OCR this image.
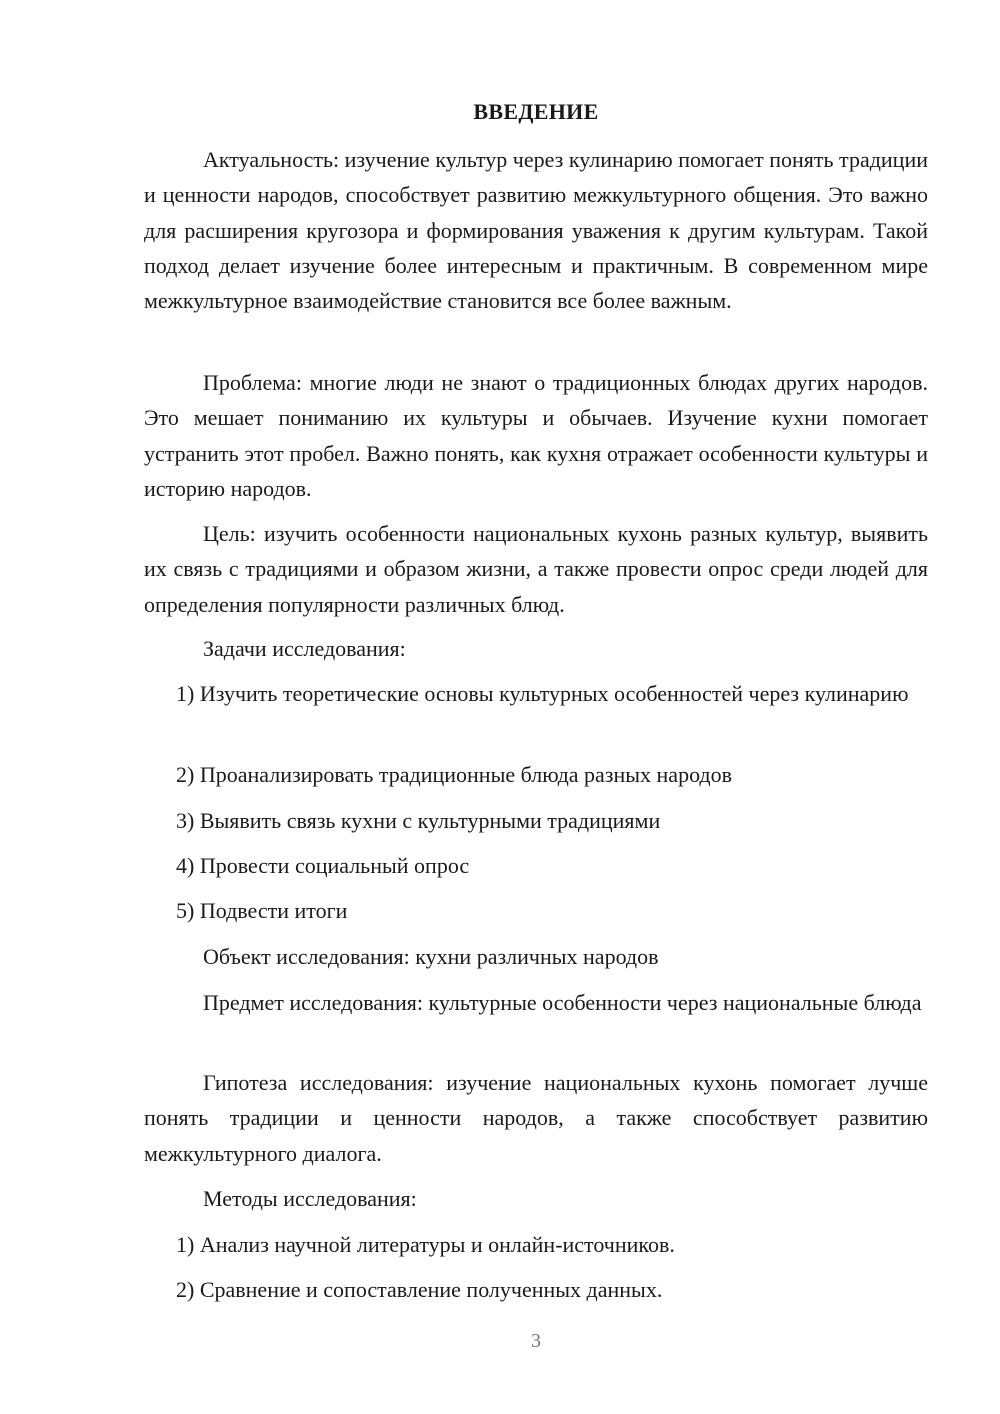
ВВЕДЕНИЕ
Актуальность: изучение культур через кулинарию помогает понять традиции и ценности народов, способствует развитию межкультурного общения. Это важно для расширения кругозора и формирования уважения к другим культурам. Такой подход делает изучение более интересным и практичным. В современном мире межкультурное взаимодействие становится все более важным.
Проблема: многие люди не знают о традиционных блюдах других народов. Это мешает пониманию их культуры и обычаев. Изучение кухни помогает устранить этот пробел. Важно понять, как кухня отражает особенности культуры и историю народов.
Цель: изучить особенности национальных кухонь разных культур, выявить их связь с традициями и образом жизни, а также провести опрос среди людей для определения популярности различных блюд.
Задачи исследования:
1) Изучить теоретические основы культурных особенностей через кулинарию
2) Проанализировать традиционные блюда разных народов
3) Выявить связь кухни с культурными традициями
4) Провести социальный опрос
5) Подвести итоги
Объект исследования: кухни различных народов
Предмет исследования: культурные особенности через национальные блюда
Гипотеза исследования: изучение национальных кухонь помогает лучше понять традиции и ценности народов, а также способствует развитию межкультурного диалога.
Методы исследования:
1) Анализ научной литературы и онлайн-источников.
2) Сравнение и сопоставление полученных данных.
3
